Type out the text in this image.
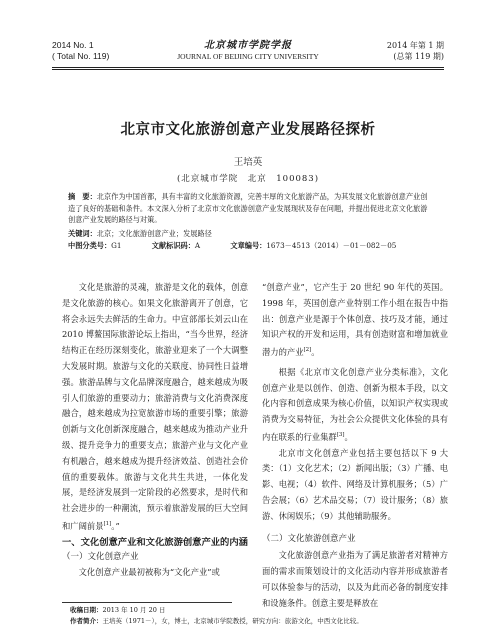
2014 No. 1
( Total No. 119)
北京城市学院学报
JOURNAL OF BEIJING CITY UNIVERSITY
2014 年第 1 期
(总第 119 期)
北京市文化旅游创意产业发展路径探析
王培英
(北京城市学院　北京　100083)
摘　要：北京作为中国首都，具有丰富的文化旅游资源，完善丰厚的文化旅游产品，为其发展文化旅游创意产业创造了良好的基础和条件。本文深入分析了北京市文化旅游创意产业发展现状及存在问题，并提出促进北京文化旅游创意产业发展的路径与对策。
关键词：北京；文化旅游创意产业；发展路径
中图分类号：G1	文献标识码：A	文章编号：1673－4513（2014）－01－082－05

文化是旅游的灵魂，旅游是文化的载体，创意是文化旅游的核心。如果文化旅游离开了创意，它将会永远失去鲜活的生命力。中宣部部长刘云山在 2010 博鳌国际旅游论坛上指出，“当今世界，经济结构正在经历深刻变化，旅游业迎来了一个大调整大发展时期。旅游与文化的关联度、协同性日益增强。旅游品牌与文化品牌深度融合，越来越成为吸引人们旅游的重要动力；旅游消费与文化消费深度融合，越来越成为拉宽旅游市场的重要引擎；旅游创新与文化创新深度融合，越来越成为推动产业升级、提升竞争力的重要支点；旅游产业与文化产业有机融合，越来越成为提升经济效益、创造社会价值的重要载体。旅游与文化共生共进，一体化发展，是经济发展到一定阶段的必然要求，是时代和社会进步的一种潮流，预示着旅游发展的巨大空间和广阔前景[1]。”

一、文化创意产业和文化旅游创意产业的内涵

（一）文化创意产业

文化创意产业最初被称为“文化产业”或

“创意产业”，它产生于 20 世纪 90 年代的英国。1998 年，英国创意产业特别工作小组在报告中指出：创意产业是源于个体创意、技巧及才能，通过知识产权的开发和运用，具有创造财富和增加就业潜力的产业[2]。

根据《北京市文化创意产业分类标准》，文化创意产业是以创作、创造、创新为根本手段，以文化内容和创意成果为核心价值，以知识产权实现或消费为交易特征，为社会公众提供文化体验的具有内在联系的行业集群[3]。

北京市文化创意产业包括主要包括以下 9 大类：（1）文化艺术；（2）新闻出版；（3）广播、电影、电视；（4）软件、网络及计算机服务；（5）广告会展；（6）艺术品交易；（7）设计服务；（8）旅游、休闲娱乐；（9）其他辅助服务。

（二）文化旅游创意产业

文化旅游创意产业指为了满足旅游者对精神方面的需求而策划设计的文化活动内容并形成旅游者可以体验参与的活动，以及为此而必备的制度安排和设施条件。创意主要是释放在

收稿日期：2013 年 10 月 20 日
作者简介：王培英（1971－），女，博士，北京城市学院教授，研究方向：旅游文化，中西文化比较。
